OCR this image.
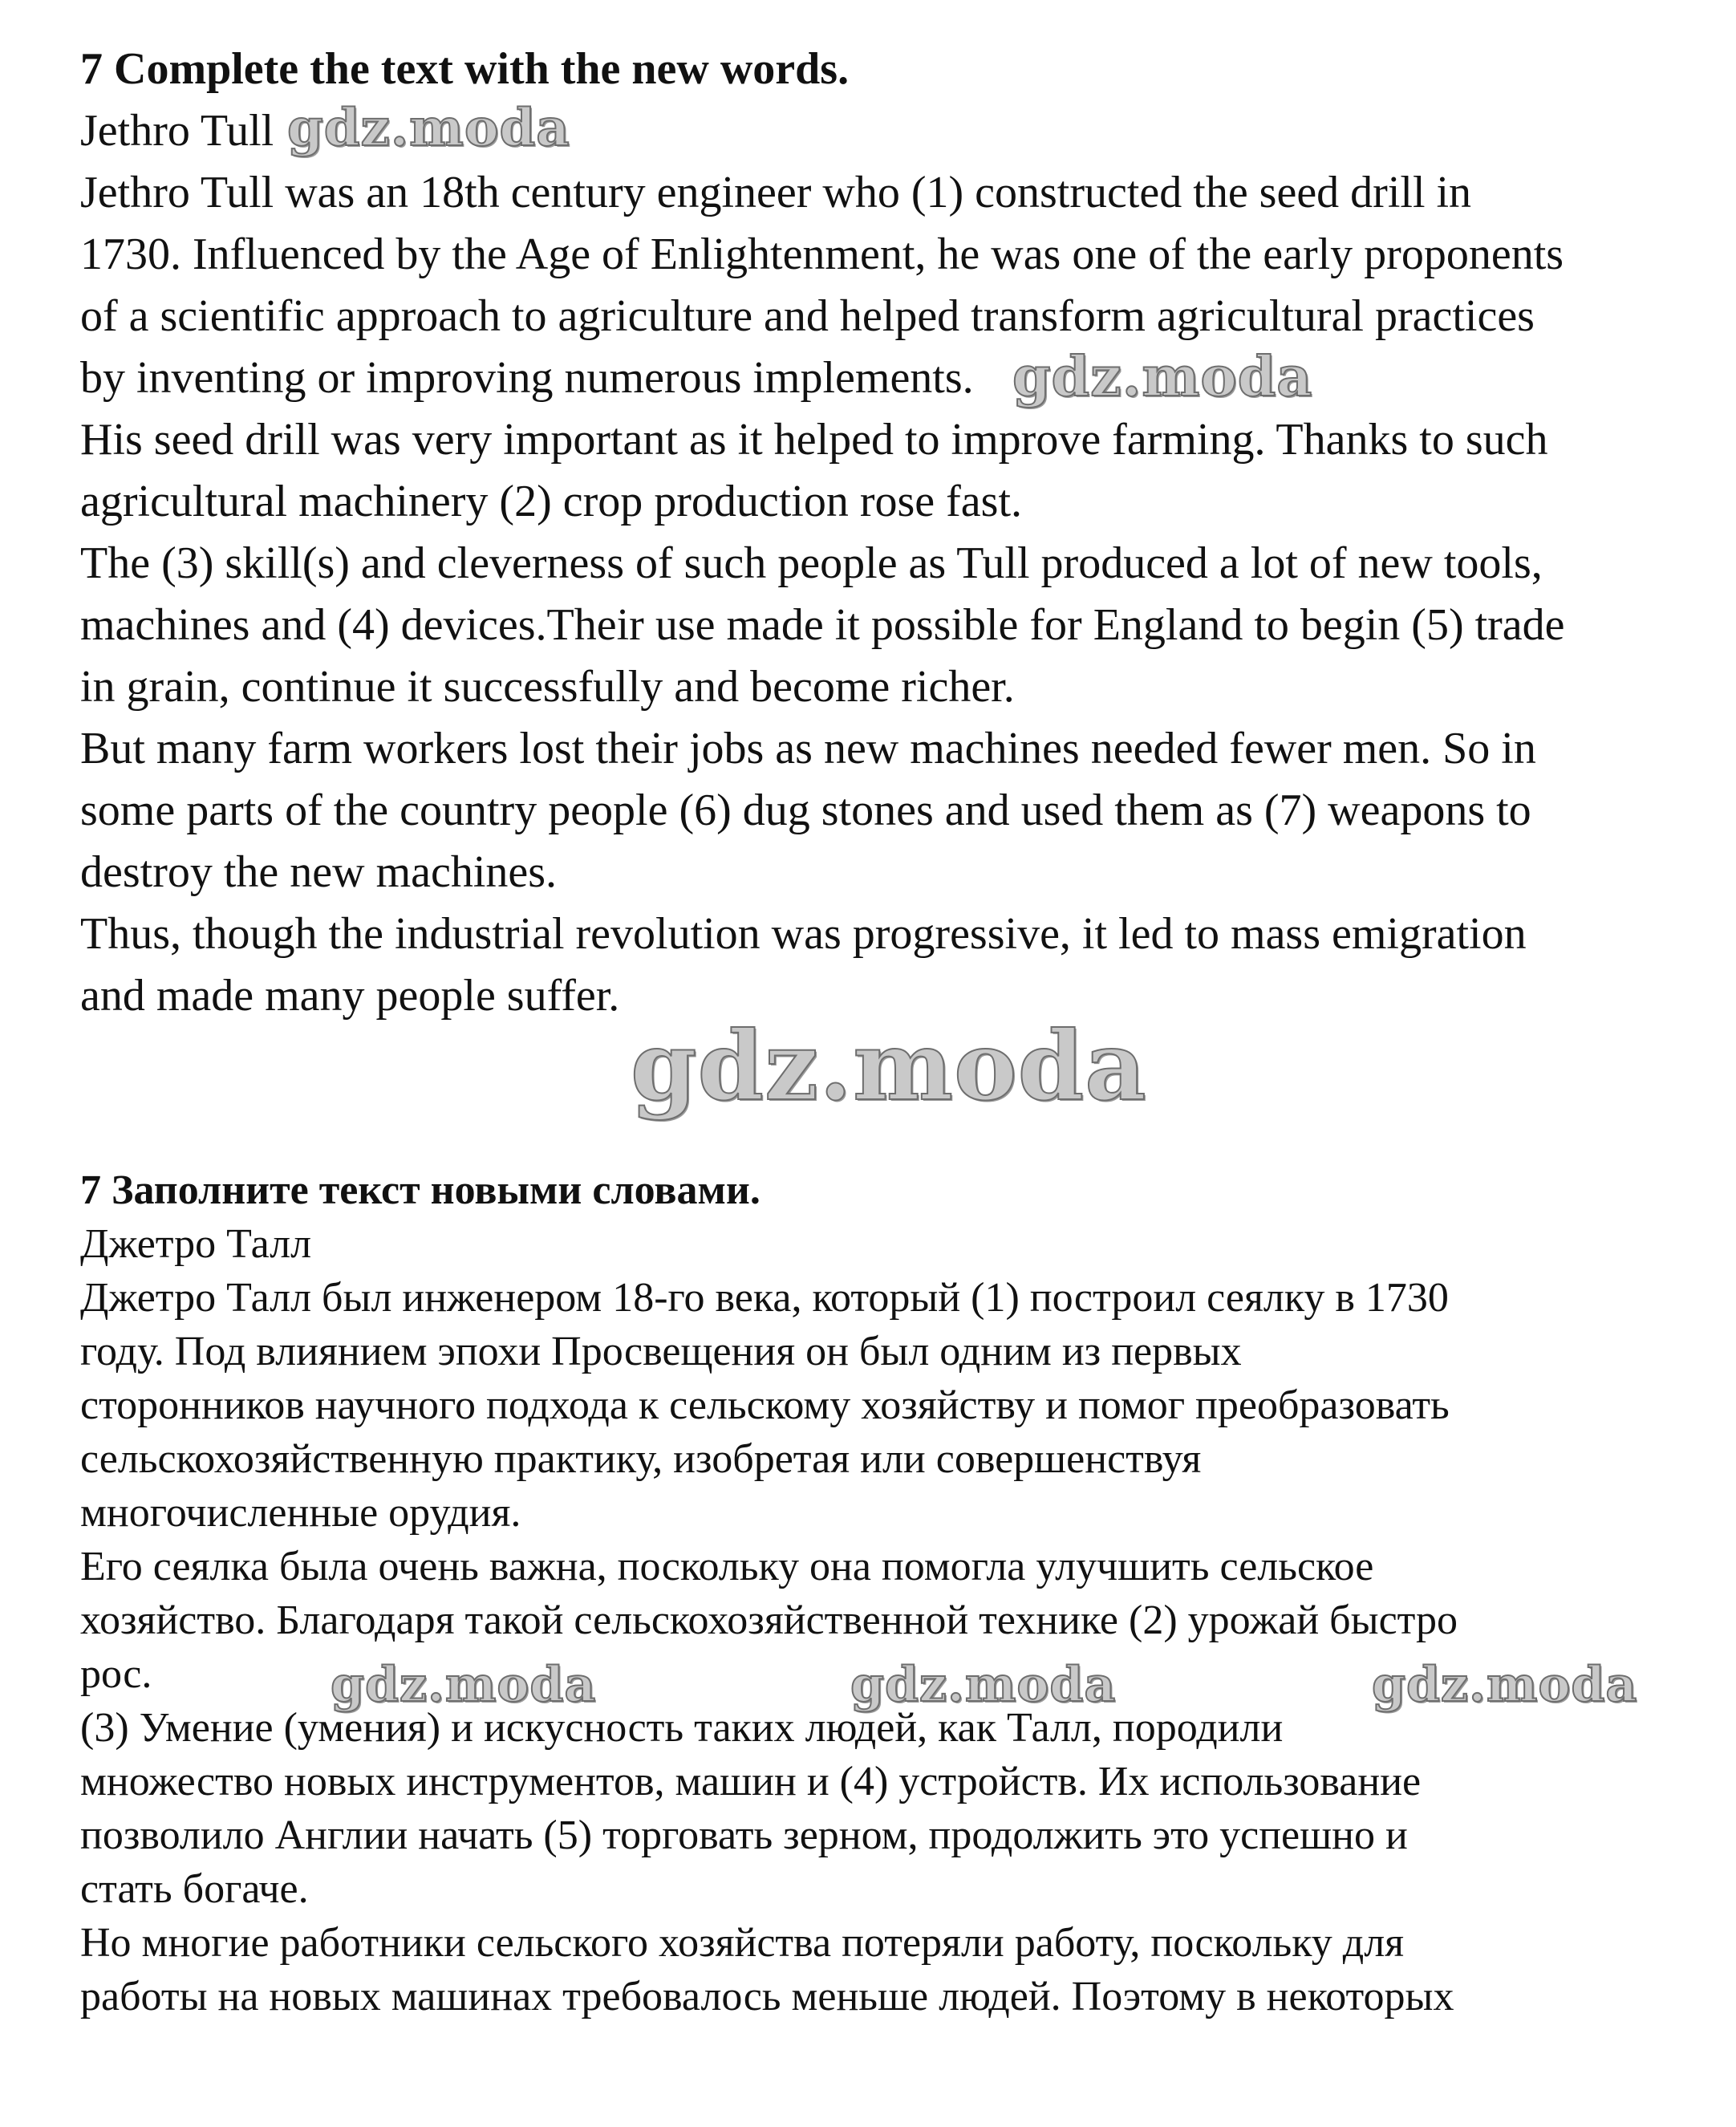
7 Complete the text with the new words.
Jethro Tull
Jethro Tull was an 18th century engineer who (1) constructed the seed drill in
1730. Influenced by the Age of Enlightenment, he was one of the early proponents
of a scientific approach to agriculture and helped transform agricultural practices
by inventing or improving numerous implements.
His seed drill was very important as it helped to improve farming. Thanks to such
agricultural machinery (2) crop production rose fast.
The (3) skill(s) and cleverness of such people as Tull produced a lot of new tools,
machines and (4) devices.Their use made it possible for England to begin (5) trade
in grain, continue it successfully and become richer.
But many farm workers lost their jobs as new machines needed fewer men. So in
some parts of the country people (6) dug stones and used them as (7) weapons to
destroy the new machines.
Thus, though the industrial revolution was progressive, it led to mass emigration
and made many people suffer.
7 Заполните текст новыми словами.
Джетро Талл
Джетро Талл был инженером 18-го века, который (1) построил сеялку в 1730
году. Под влиянием эпохи Просвещения он был одним из первых
сторонников научного подхода к сельскому хозяйству и помог преобразовать
сельскохозяйственную практику, изобретая или совершенствуя
многочисленные орудия.
Его сеялка была очень важна, поскольку она помогла улучшить сельское
хозяйство. Благодаря такой сельскохозяйственной технике (2) урожай быстро
рос.
(3) Умение (умения) и искусность таких людей, как Талл, породили
множество новых инструментов, машин и (4) устройств. Их использование
позволило Англии начать (5) торговать зерном, продолжить это успешно и
стать богаче.
Но многие работники сельского хозяйства потеряли работу, поскольку для
работы на новых машинах требовалось меньше людей. Поэтому в некоторых
gdz.moda
gdz.moda
gdz.moda
gdz.moda	gdz.moda	gdz.moda
